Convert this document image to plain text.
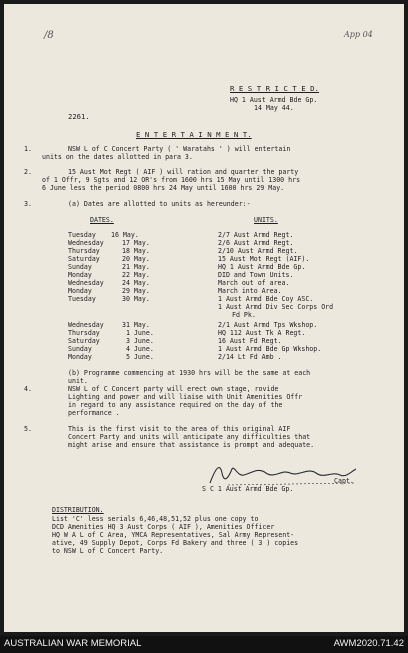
/8	App 04
R E S T R I C T E D.
HQ 1 Aust Armd Bde Gp.
14 May 44.
2261.
E N T E R T A I N M E N T.
1.	NSW L of C Concert Party ( ' Waratahs ' ) will entertain
units on the dates allotted in para 3.
2.	15 Aust Mot Regt ( AIF ) will ration and quarter the party
of 1 Offr, 9 Sgts and 12 OR's from 1600 hrs 15 May until 1300 hrs
6 June less the period 0800 hrs 24 May until 1600 hrs 29 May.
3.	(a) Dates are allotted to units as hereunder:-
DATES.	UNITS.
Tuesday 16 May.	2/7 Aust Armd Regt.
Wednesday	17 May.	2/6 Aust Armd Regt.
Thursday	18 May.	2/10 Aust Armd Regt.
Saturday	20 May.	15 Aust Mot Regt (AIF).
Sunday	21 May.	HQ 1 Aust Armd Bde Gp.
Monday	22 May.	DID and Town Units.
Wednesday	24 May.	March out of area.
Monday	29 May.	March into Area.
Tuesday	30 May.	1 Aust Armd Bde Coy ASC.
1 Aust Armd Div Sec Corps Ord
Fd Pk.
Wednesday	31 May.	2/1 Aust Armd Tps Wkshop.
Thursday	1 June.	HQ 112 Aust Tk A Regt.
Saturday	3 June.	16 Aust Fd Regt.
Sunday	4 June.	1 Aust Armd Bde Gp Wkshop.
Monday	5 June.	2/14 Lt Fd Amb .
(b) Programme commencing at 1930 hrs will be the same at each
unit.
4.	NSW L of C Concert party will erect own stage, rovide
Lighting and power and will liaise with Unit Amenities Offr
in regard to any assistance required on the day of the
performance .
5.	This is the first visit to the area of this original AIF
Concert Party and units will anticipate any difficulties that
might arise and ensure that assistance is prompt and adequate.
Capt.
S C 1 Aust Armd Bde Gp.
DISTRIBUTION.
List 'C' less serials 6,46,48,51,52 plus one copy to
DCD Amenities HQ 3 Aust Corps ( AIF ), Amenities Officer
HQ W A L of C Area, YMCA Representatives, Sal Army Represent-
ative, 49 Supply Depot, Corps Fd Bakery and three ( 3 ) copies
to NSW L of C Concert Party.
AUSTRALIAN WAR MEMORIAL	AWM2020.71.42
